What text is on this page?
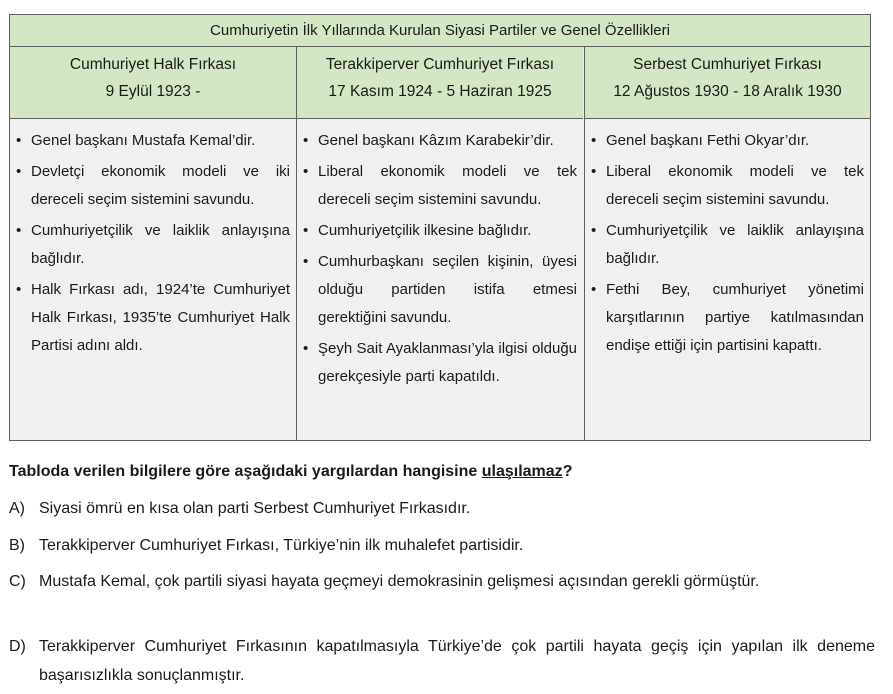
Cumhuriyetin İlk Yıllarında Kurulan Siyasi Partiler ve Genel Özellikleri
Cumhuriyet Halk Fırkası
9 Eylül 1923 -
Terakkiperver Cumhuriyet Fırkası
17 Kasım 1924 - 5 Haziran 1925
Serbest Cumhuriyet Fırkası
12 Ağustos 1930 - 18 Aralık 1930
• Genel başkanı Mustafa Kemal’dir.
• Devletçi ekonomik modeli ve iki dereceli seçim sistemini savundu.
• Cumhuriyetçilik ve laiklik anlayışına bağlıdır.
• Halk Fırkası adı, 1924’te Cumhuriyet Halk Fırkası, 1935’te Cumhuriyet Halk Partisi adını aldı.
• Genel başkanı Kâzım Karabekir’dir.
• Liberal ekonomik modeli ve tek dereceli seçim sistemini savundu.
• Cumhuriyetçilik ilkesine bağlıdır.
• Cumhurbaşkanı seçilen kişinin, üyesi olduğu partiden istifa etmesi gerektiğini savundu.
• Şeyh Sait Ayaklanması’yla ilgisi olduğu gerekçesiyle parti kapatıldı.
• Genel başkanı Fethi Okyar’dır.
• Liberal ekonomik modeli ve tek dereceli seçim sistemini savundu.
• Cumhuriyetçilik ve laiklik anlayışına bağlıdır.
• Fethi Bey, cumhuriyet yönetimi karşıtlarının partiye katılmasından endişe ettiği için partisini kapattı.
Tabloda verilen bilgilere göre aşağıdaki yargılardan hangisine ulaşılamaz?
A) Siyasi ömrü en kısa olan parti Serbest Cumhuriyet Fırkasıdır.
B) Terakkiperver Cumhuriyet Fırkası, Türkiye’nin ilk muhalefet partisidir.
C) Mustafa Kemal, çok partili siyasi hayata geçmeyi demokrasinin gelişmesi açısından gerekli görmüştür.
D) Terakkiperver Cumhuriyet Fırkasının kapatılmasıyla Türkiye’de çok partili hayata geçiş için yapılan ilk deneme başarısızlıkla sonuçlanmıştır.
